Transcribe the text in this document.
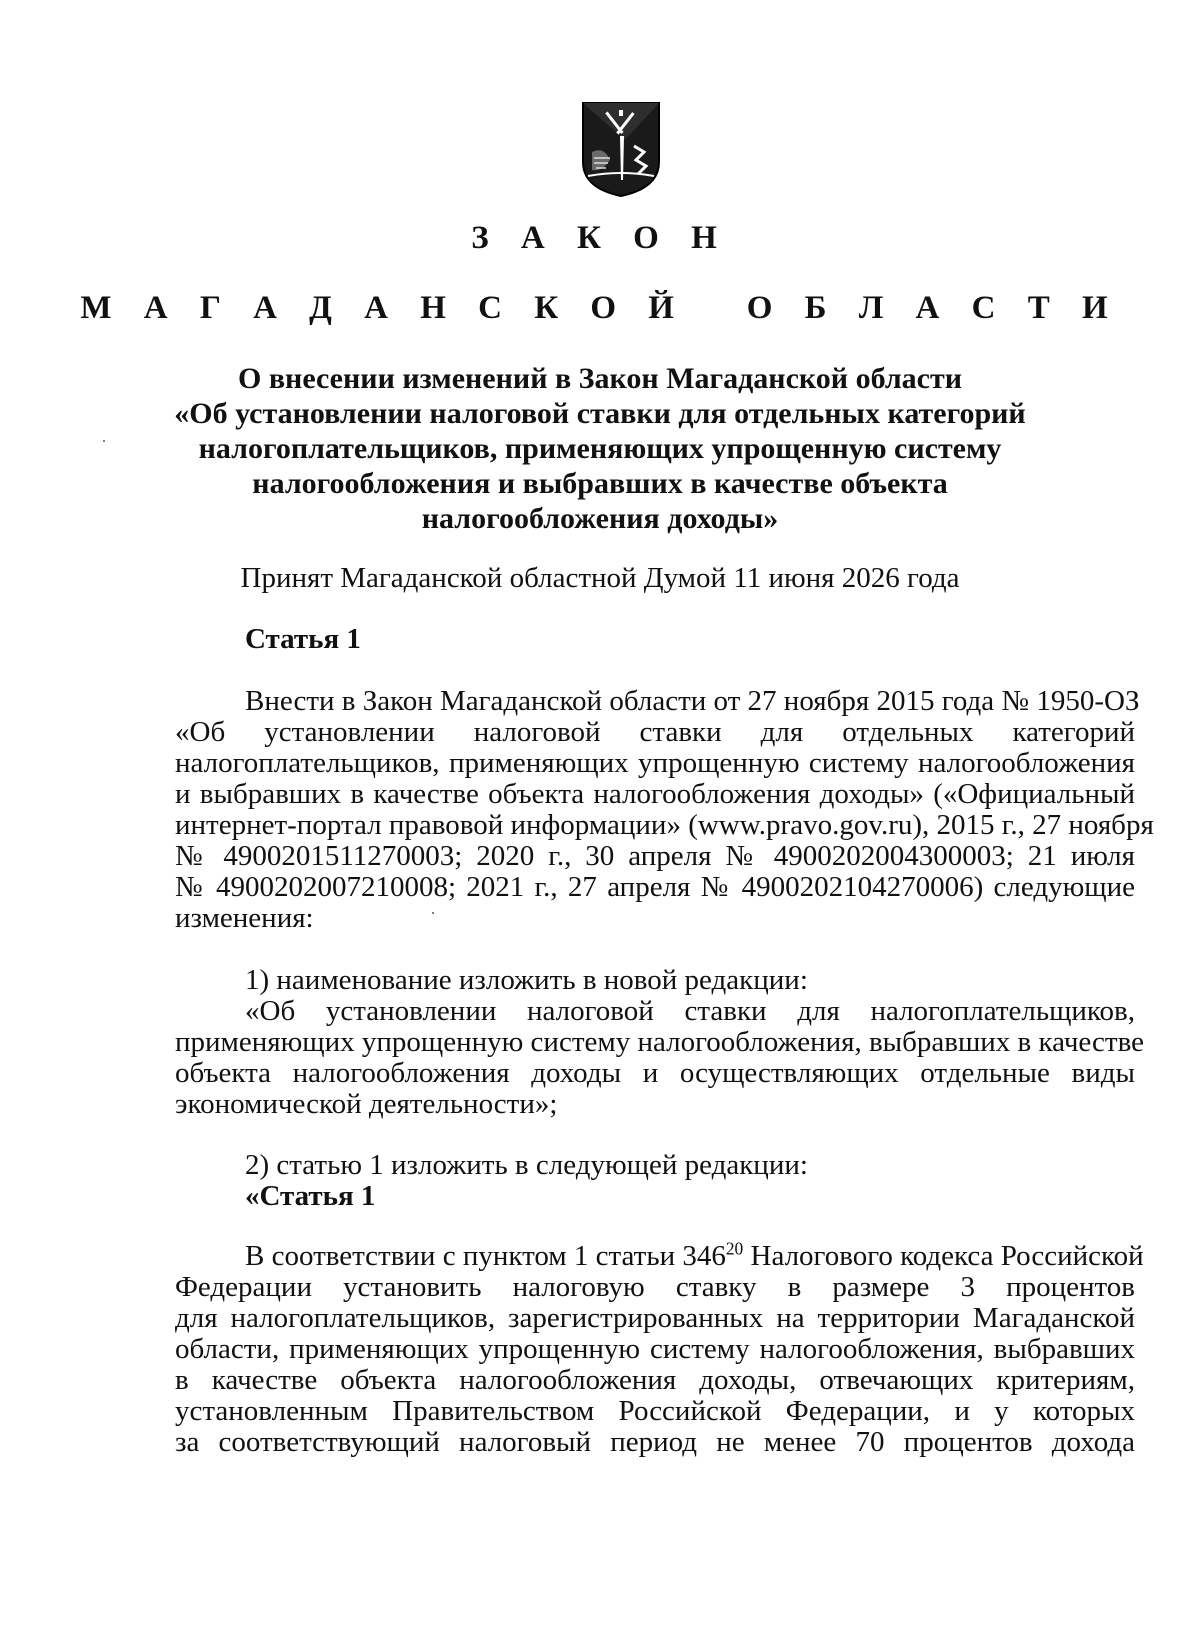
З А К О Н

М А Г А Д А Н С К О Й   О Б Л А С Т И

О внесении изменений в Закон Магаданской области

«Об установлении налоговой ставки для отдельных категорий

налогоплательщиков, применяющих упрощенную систему

налогообложения и выбравших в качестве объекта

налогообложения доходы»

Принят Магаданской областной Думой 11 июня 2026 года

Статья 1

Внести в Закон Магаданской области от 27 ноября 2015 года № 1950-ОЗ

«Об установлении налоговой ставки для отдельных категорий

налогоплательщиков, применяющих упрощенную систему налогообложения

и выбравших в качестве объекта налогообложения доходы» («Официальный

интернет-портал правовой информации» (www.pravo.gov.ru), 2015 г., 27 ноября

№ 4900201511270003; 2020 г., 30 апреля № 4900202004300003; 21 июля

№ 4900202007210008; 2021 г., 27 апреля № 4900202104270006) следующие

изменения:

1) наименование изложить в новой редакции:

«Об установлении налоговой ставки для налогоплательщиков,

применяющих упрощенную систему налогообложения, выбравших в качестве

объекта налогообложения доходы и осуществляющих отдельные виды

экономической деятельности»;

2) статью 1 изложить в следующей редакции:

«Статья 1

В соответствии с пунктом 1 статьи $346^{20}$ Налогового кодекса Российской

Федерации установить налоговую ставку в размере 3 процентов

для налогоплательщиков, зарегистрированных на территории Магаданской

области, применяющих упрощенную систему налогообложения, выбравших

в качестве объекта налогообложения доходы, отвечающих критериям,

установленным Правительством Российской Федерации, и у которых

за соответствующий налоговый период не менее 70 процентов дохода
